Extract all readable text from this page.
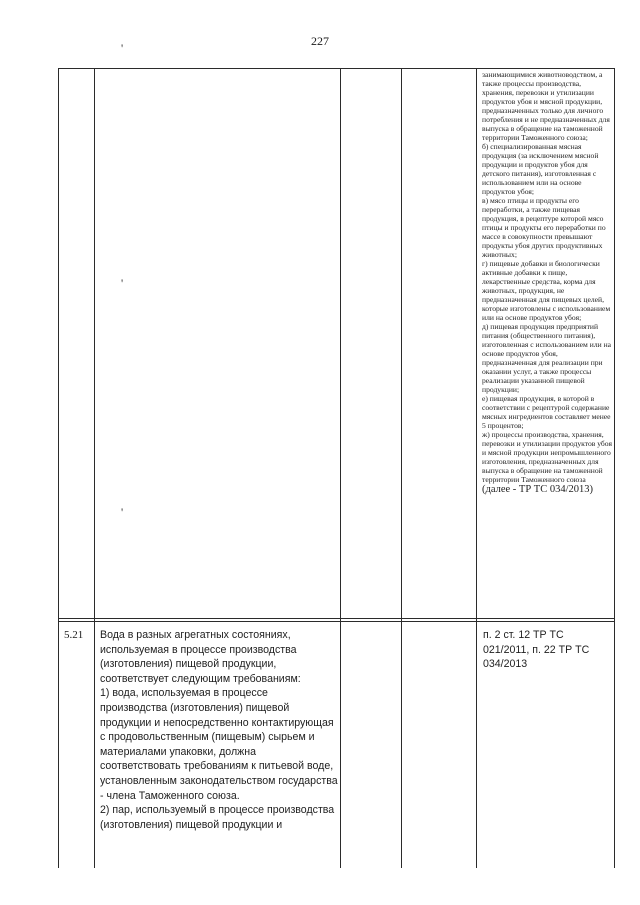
227
'
'
'
занимающимися животноводством, а также процессы производства, хранения, перевозки и утилизации продуктов убоя и мясной продукции, предназначенных только для личного потребления и не предназначенных для выпуска в обращение на таможенной территории Таможенного союза;
б) специализированная мясная продукция (за исключением мясной продукции и продуктов убоя для детского питания), изготовленная с использованием или на основе продуктов убоя;
в) мясо птицы и продукты его переработки, а также пищевая продукция, в рецептуре которой мясо птицы и продукты его переработки по массе в совокупности превышают продукты убоя других продуктивных животных;
г) пищевые добавки и биологически активные добавки к пище, лекарственные средства, корма для животных, продукция, не предназначенная для пищевых целей, которые изготовлены с использованием или на основе продуктов убоя;
д) пищевая продукция предприятий питания (общественного питания), изготовленная с использованием или на основе продуктов убоя, предназначенная для реализации при оказании услуг, а также процессы реализации указанной пищевой продукции;
е) пищевая продукция, в которой в соответствии с рецептурой содержание мясных ингредиентов составляет менее 5 процентов;
ж) процессы производства, хранения, перевозки и утилизации продуктов убоя и мясной продукции непромышленного изготовления, предназначенных для выпуска в обращение на таможенной территории Таможенного союза (далее - ТР ТС 034/2013)
5.21 Вода в разных агрегатных состояниях, используемая в процессе производства (изготовления) пищевой продукции, соответствует следующим требованиям:
1) вода, используемая в процессе производства (изготовления) пищевой продукции и непосредственно контактирующая с продовольственным (пищевым) сырьем и материалами упаковки, должна соответствовать требованиям к питьевой воде, установленным законодательством государства - члена Таможенного союза.
2) пар, используемый в процессе производства (изготовления) пищевой продукции и
п. 2 ст. 12 ТР ТС 021/2011, п. 22 ТР ТС 034/2013
